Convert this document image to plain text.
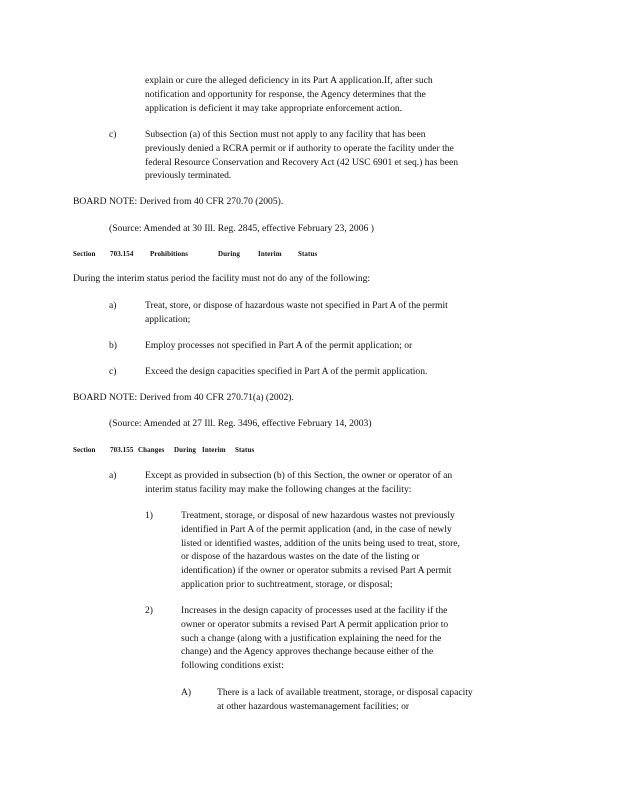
explain or cure the alleged deficiency in its Part A application.If, after such
notification and opportunity for response, the Agency determines that the
application is deficient it may take appropriate enforcement action.
c)	Subsection (a) of this Section must not apply to any facility that has been
previously denied a RCRA permit or if authority to operate the facility under the
federal Resource Conservation and Recovery Act (42 USC 6901 et seq.) has been
previously terminated.
BOARD NOTE: Derived from 40 CFR 270.70 (2005).
(Source: Amended at 30 Ill. Reg. 2845, effective February 23, 2006 )
Section 703.154 Prohibitions	During	Interim Status
During the interim status period the facility must not do any of the following:
a)	Treat, store, or dispose of hazardous waste not specified in Part A of the permit
application;
b)	Employ processes not specified in Part A of the permit application; or
c)	Exceed the design capacities specified in Part A of the permit application.
BOARD NOTE: Derived from 40 CFR 270.71(a) (2002).
(Source: Amended at 27 Ill. Reg. 3496, effective February 14, 2003)
Section 703.155 Changes During Interim Status
a)	Except as provided in subsection (b) of this Section, the owner or operator of an
interim status facility may make the following changes at the facility:
1)	Treatment, storage, or disposal of new hazardous wastes not previously
identified in Part A of the permit application (and, in the case of newly
listed or identified wastes, addition of the units being used to treat, store,
or dispose of the hazardous wastes on the date of the listing or
identification) if the owner or operator submits a revised Part A permit
application prior to suchtreatment, storage, or disposal;
2)	Increases in the design capacity of processes used at the facility if the
owner or operator submits a revised Part A permit application prior to
such a change (along with a justification explaining the need for the
change) and the Agency approves thechange because either of the
following conditions exist:
A)	There is a lack of available treatment, storage, or disposal capacity
at other hazardous wastemanagement facilities; or
